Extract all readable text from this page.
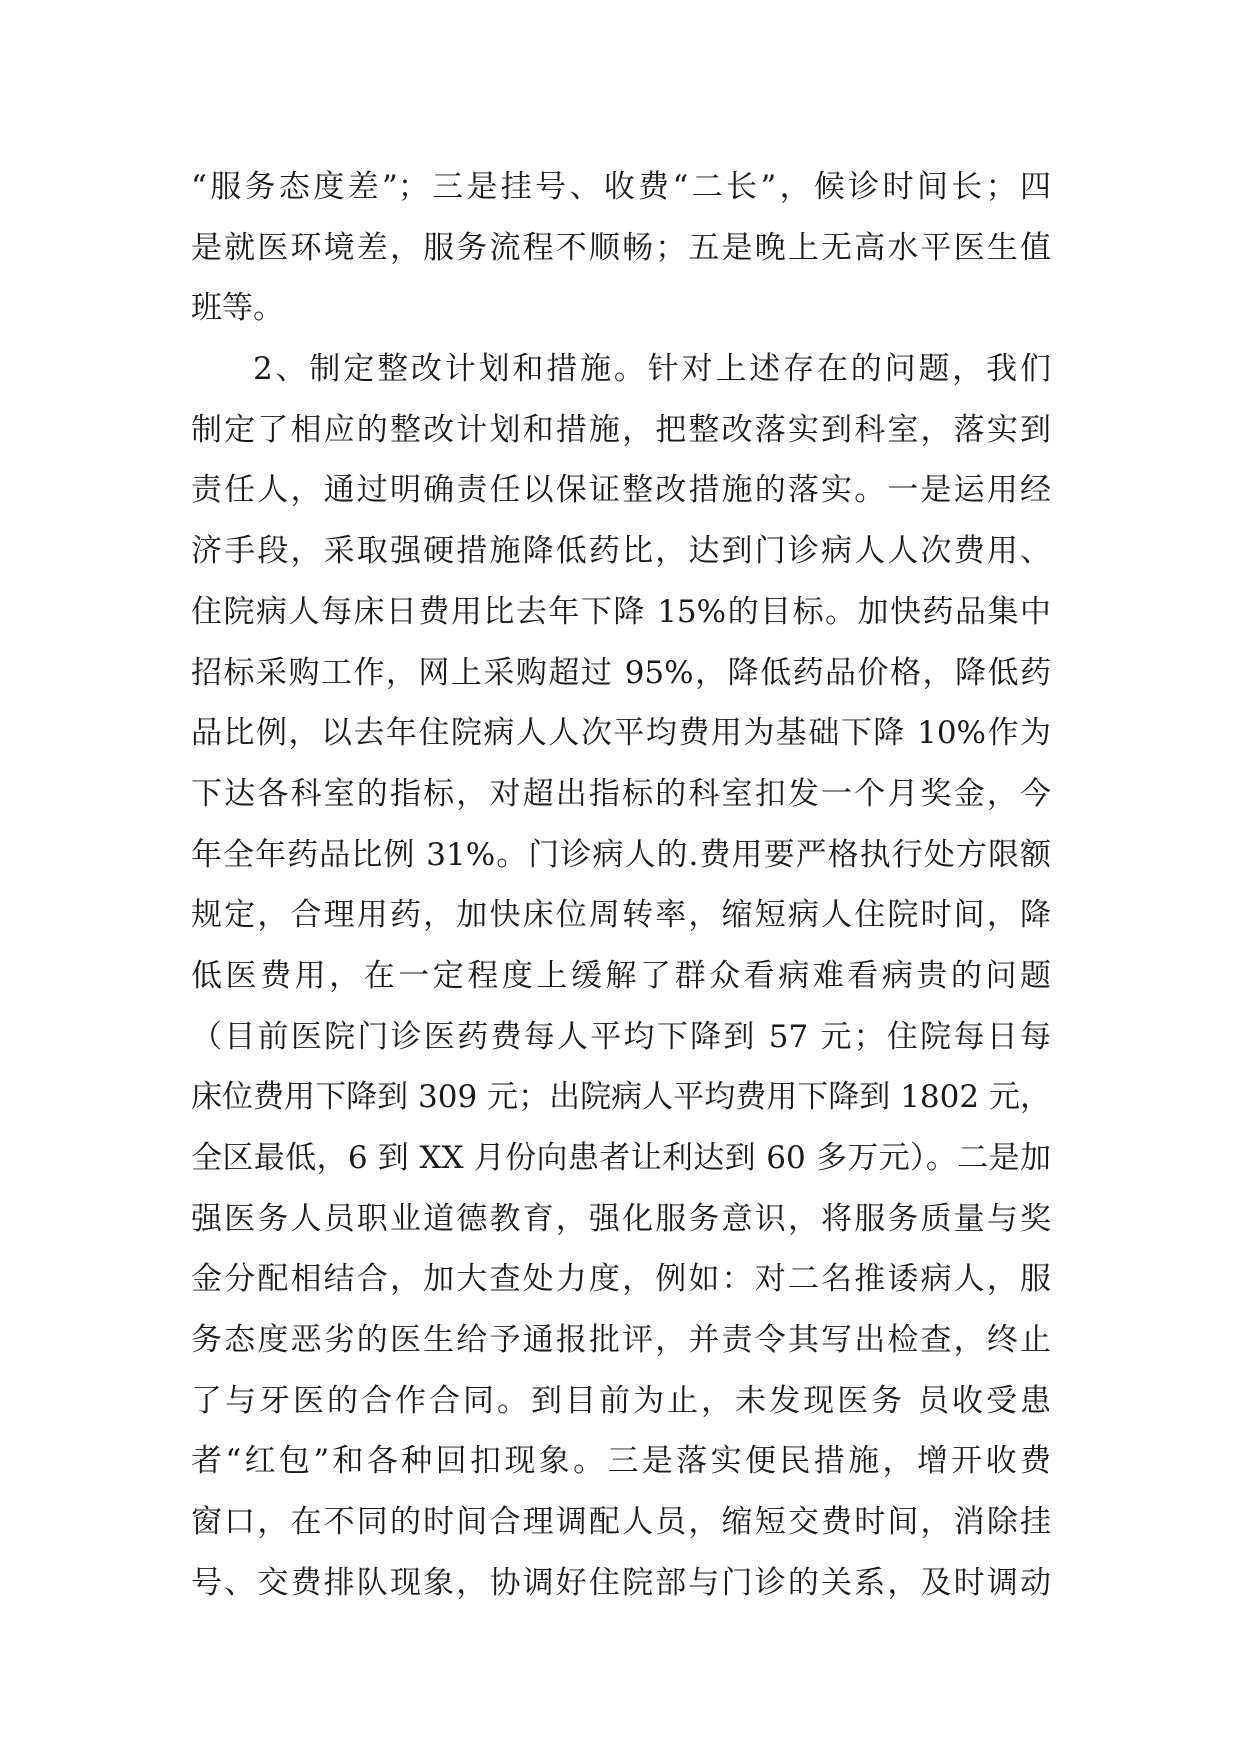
“服务态度差”；三是挂号、收费“二长”，候诊时间长；四
是就医环境差，服务流程不顺畅；五是晚上无高水平医生值
班等。
2、制定整改计划和措施。针对上述存在的问题，我们
制定了相应的整改计划和措施，把整改落实到科室，落实到
责任人，通过明确责任以保证整改措施的落实。一是运用经
济手段，采取强硬措施降低药比，达到门诊病人人次费用、
住院病人每床日费用比去年下降 15%的目标。加快药品集中
招标采购工作，网上采购超过 95%，降低药品价格，降低药
品比例，以去年住院病人人次平均费用为基础下降 10%作为
下达各科室的指标，对超出指标的科室扣发一个月奖金，今
年全年药品比例 31%。门诊病人的.费用要严格执行处方限额
规定，合理用药，加快床位周转率，缩短病人住院时间，降
低医费用，在一定程度上缓解了群众看病难看病贵的问题
（目前医院门诊医药费每人平均下降到 57 元；住院每日每
床位费用下降到 309 元；出院病人平均费用下降到 1802 元，
全区最低，6 到 XX 月份向患者让利达到 60 多万元）。二是加
强医务人员职业道德教育，强化服务意识，将服务质量与奖
金分配相结合，加大查处力度，例如：对二名推诿病人，服
务态度恶劣的医生给予通报批评，并责令其写出检查，终止
了与牙医的合作合同。到目前为止，未发现医务 员收受患
者“红包”和各种回扣现象。三是落实便民措施，增开收费
窗口，在不同的时间合理调配人员，缩短交费时间，消除挂
号、交费排队现象，协调好住院部与门诊的关系，及时调动
